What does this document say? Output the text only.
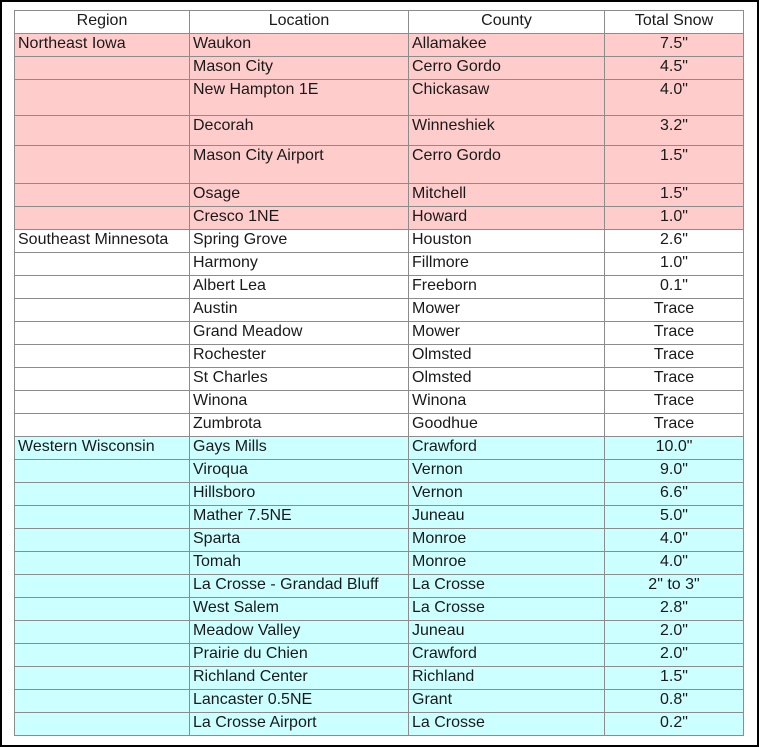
Region	Location	County	Total Snow
Northeast Iowa	Waukon	Allamakee	7.5"
	Mason City	Cerro Gordo	4.5"
	New Hampton 1E	Chickasaw	4.0"
	Decorah	Winneshiek	3.2"
	Mason City Airport	Cerro Gordo	1.5"
	Osage	Mitchell	1.5"
	Cresco 1NE	Howard	1.0"
Southeast Minnesota	Spring Grove	Houston	2.6"
	Harmony	Fillmore	1.0"
	Albert Lea	Freeborn	0.1"
	Austin	Mower	Trace
	Grand Meadow	Mower	Trace
	Rochester	Olmsted	Trace
	St Charles	Olmsted	Trace
	Winona	Winona	Trace
	Zumbrota	Goodhue	Trace
Western Wisconsin	Gays Mills	Crawford	10.0"
	Viroqua	Vernon	9.0"
	Hillsboro	Vernon	6.6"
	Mather 7.5NE	Juneau	5.0"
	Sparta	Monroe	4.0"
	Tomah	Monroe	4.0"
	La Crosse - Grandad Bluff	La Crosse	2" to 3"
	West Salem	La Crosse	2.8"
	Meadow Valley	Juneau	2.0"
	Prairie du Chien	Crawford	2.0"
	Richland Center	Richland	1.5"
	Lancaster 0.5NE	Grant	0.8"
	La Crosse Airport	La Crosse	0.2"
